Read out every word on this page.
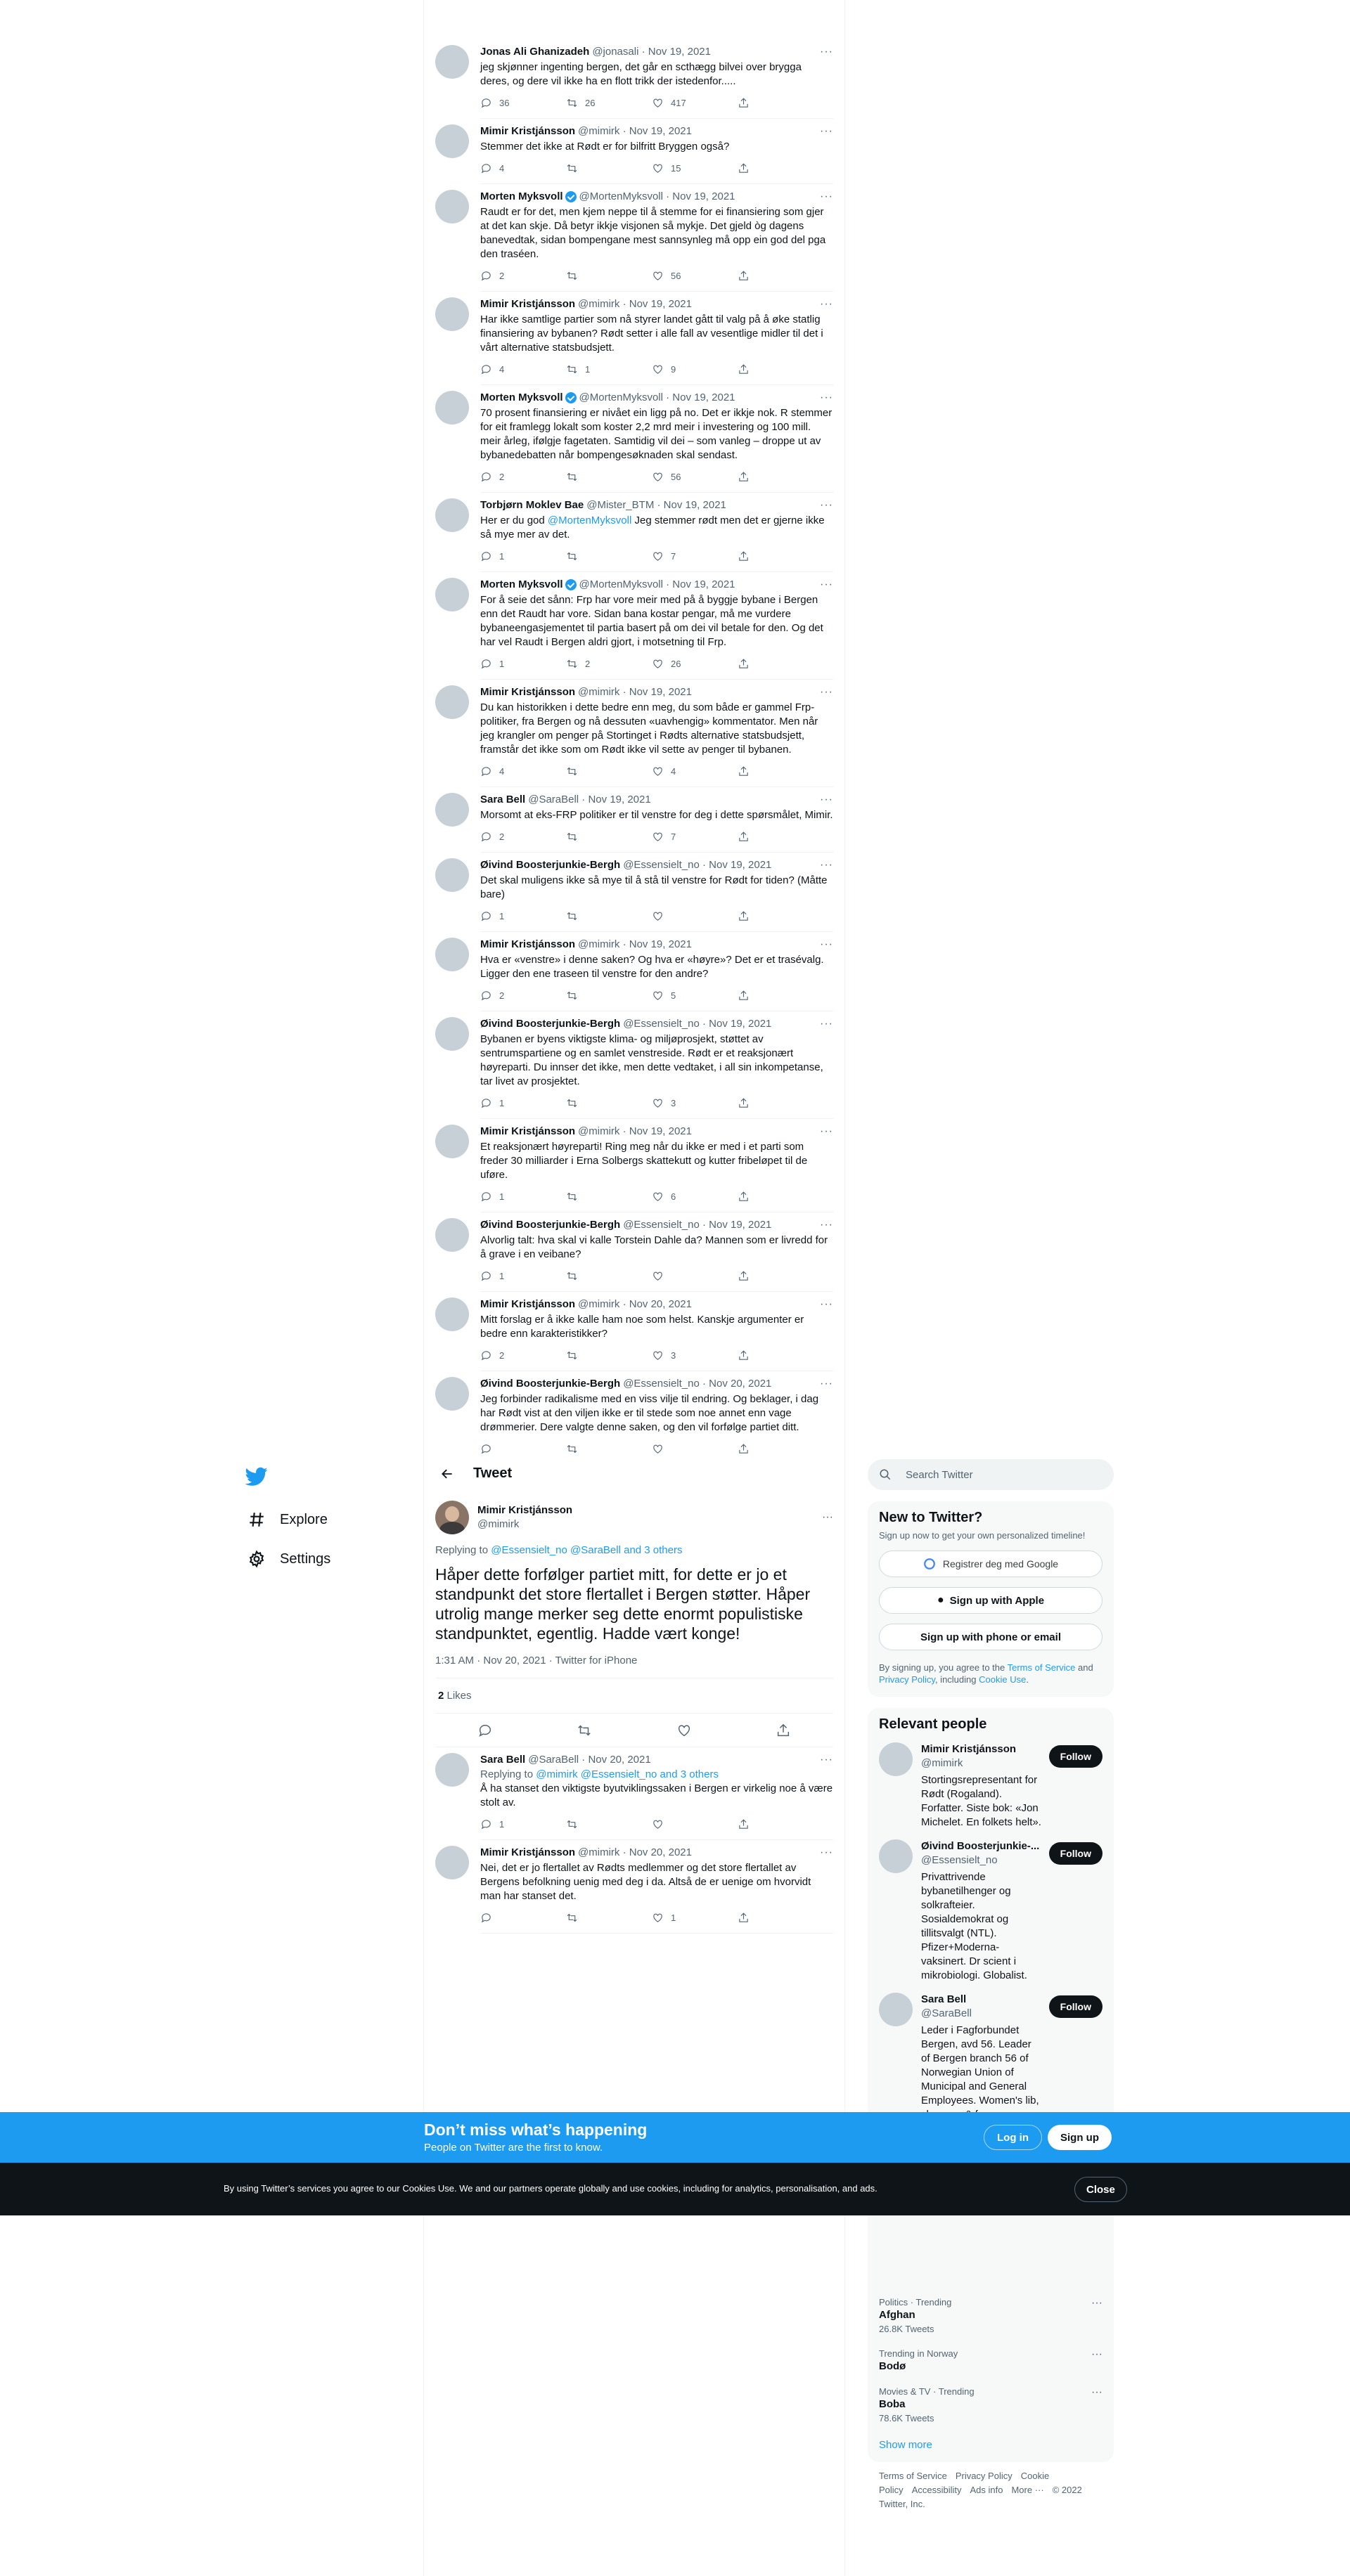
Jonas Ali Ghanizadeh @jonasali · Nov 19, 2021	···
jeg skjønner ingenting bergen, det går en scthægg bilvei over brygga deres, og dere vil ikke ha en flott trikk der istedenfor.....
36	26	417
Mimir Kristjánsson @mimirk · Nov 19, 2021	···
Stemmer det ikke at Rødt er for bilfritt Bryggen også?
4	15
Morten Myksvoll @MortenMyksvoll · Nov 19, 2021	···
Raudt er for det, men kjem neppe til å stemme for ei finansiering som gjer at det kan skje. Då betyr ikkje visjonen så mykje. Det gjeld òg dagens banevedtak, sidan bompengane mest sannsynleg må opp ein god del pga den traséen.
2	56
Mimir Kristjánsson @mimirk · Nov 19, 2021	···
Har ikke samtlige partier som nå styrer landet gått til valg på å øke statlig finansiering av bybanen? Rødt setter i alle fall av vesentlige midler til det i vårt alternative statsbudsjett.
4	1	9
Morten Myksvoll @MortenMyksvoll · Nov 19, 2021	···
70 prosent finansiering er nivået ein ligg på no. Det er ikkje nok. R stemmer for eit framlegg lokalt som koster 2,2 mrd meir i investering og 100 mill. meir årleg, ifølgje fagetaten. Samtidig vil dei – som vanleg – droppe ut av bybanedebatten når bompengesøknaden skal sendast.
2	56
Torbjørn Moklev Bae @Mister_BTM · Nov 19, 2021	···
Her er du god @MortenMyksvoll Jeg stemmer rødt men det er gjerne ikke så mye mer av det.
1	7
Morten Myksvoll @MortenMyksvoll · Nov 19, 2021	···
For å seie det sånn: Frp har vore meir med på å byggje bybane i Bergen enn det Raudt har vore. Sidan bana kostar pengar, må me vurdere bybaneengasjementet til partia basert på om dei vil betale for den. Og det har vel Raudt i Bergen aldri gjort, i motsetning til Frp.
1	2	26
Mimir Kristjánsson @mimirk · Nov 19, 2021	···
Du kan historikken i dette bedre enn meg, du som både er gammel Frp-politiker, fra Bergen og nå dessuten «uavhengig» kommentator. Men når jeg krangler om penger på Stortinget i Rødts alternative statsbudsjett, framstår det ikke som om Rødt ikke vil sette av penger til bybanen.
4	4
Sara Bell @SaraBell · Nov 19, 2021	···
Morsomt at eks-FRP politiker er til venstre for deg i dette spørsmålet, Mimir.
2	7
Øivind Boosterjunkie-Bergh @Essensielt_no · Nov 19, 2021	···
Det skal muligens ikke så mye til å stå til venstre for Rødt for tiden? (Måtte bare)
1
Mimir Kristjánsson @mimirk · Nov 19, 2021	···
Hva er «venstre» i denne saken? Og hva er «høyre»? Det er et trasévalg. Ligger den ene traseen til venstre for den andre?
2	5
Øivind Boosterjunkie-Bergh @Essensielt_no · Nov 19, 2021	···
Bybanen er byens viktigste klima- og miljøprosjekt, støttet av sentrumspartiene og en samlet venstreside. Rødt er et reaksjonært høyreparti. Du innser det ikke, men dette vedtaket, i all sin inkompetanse, tar livet av prosjektet.
1	3
Mimir Kristjánsson @mimirk · Nov 19, 2021	···
Et reaksjonært høyreparti! Ring meg når du ikke er med i et parti som freder 30 milliarder i Erna Solbergs skattekutt og kutter fribeløpet til de uføre.
1	6
Øivind Boosterjunkie-Bergh @Essensielt_no · Nov 19, 2021	···
Alvorlig talt: hva skal vi kalle Torstein Dahle da? Mannen som er livredd for å grave i en veibane?
1
Mimir Kristjánsson @mimirk · Nov 20, 2021	···
Mitt forslag er å ikke kalle ham noe som helst. Kanskje argumenter er bedre enn karakteristikker?
2	3
Øivind Boosterjunkie-Bergh @Essensielt_no · Nov 20, 2021	···
Jeg forbinder radikalisme med en viss vilje til endring. Og beklager, i dag har Rødt vist at den viljen ikke er til stede som noe annet enn vage drømmerier. Dere valgte denne saken, og den vil forfølge partiet ditt.
Explore
Settings
Tweet
Mimir Kristjánsson
@mimirk
···
Replying to @Essensielt_no @SaraBell and 3 others
Håper dette forfølger partiet mitt, for dette er jo et standpunkt det store flertallet i Bergen støtter. Håper utrolig mange merker seg dette enormt populistiske standpunktet, egentlig. Hadde vært konge!
1:31 AM · Nov 20, 2021 · Twitter for iPhone
2 Likes
Sara Bell @SaraBell · Nov 20, 2021	···
Replying to @mimirk @Essensielt_no and 3 others
Å ha stanset den viktigste byutviklingssaken i Bergen er virkelig noe å være stolt av.
1
Mimir Kristjánsson @mimirk · Nov 20, 2021	···
Nei, det er jo flertallet av Rødts medlemmer og det store flertallet av Bergens befolkning uenig med deg i da. Altså de er uenige om hvorvidt man har stanset det.
1
Search Twitter
New to Twitter?
Sign up now to get your own personalized timeline!
Registrer deg med Google
● Sign up with Apple
Sign up with phone or email
By signing up, you agree to the Terms of Service and Privacy Policy, including Cookie Use.
Relevant people
Mimir Kristjánsson
@mimirk
Stortingsrepresentant for Rødt (Rogaland). Forfatter. Siste bok: «Jon Michelet. En folkets helt».
Follow
Øivind Boosterjunkie-...
@Essensielt_no
Privattrivende bybanetilhenger og solkrafteier. Sosialdemokrat og tillitsvalgt (NTL). Pfizer+Moderna-vaksinert. Dr scient i mikrobiologi. Globalist.
Follow
Sara Bell
@SaraBell
Leder i Fagforbundet Bergen, avd 56. Leader of Bergen branch 56 of Norwegian Union of Municipal and General Employees. Women's lib,
Follow
Politics · Trending
Afghan
26.8K Tweets
···
Trending in Norway
Bodø
···
Movies & TV · Trending
Boba
78.6K Tweets
···
Show more
Terms of Service Privacy Policy Cookie Policy Accessibility Ads info More ··· © 2022 Twitter, Inc.
Don’t miss what’s happening
People on Twitter are the first to know.
Log in	Sign up
By using Twitter’s services you agree to our Cookies Use. We and our partners operate globally and use cookies, including for analytics, personalisation, and ads.	Close
